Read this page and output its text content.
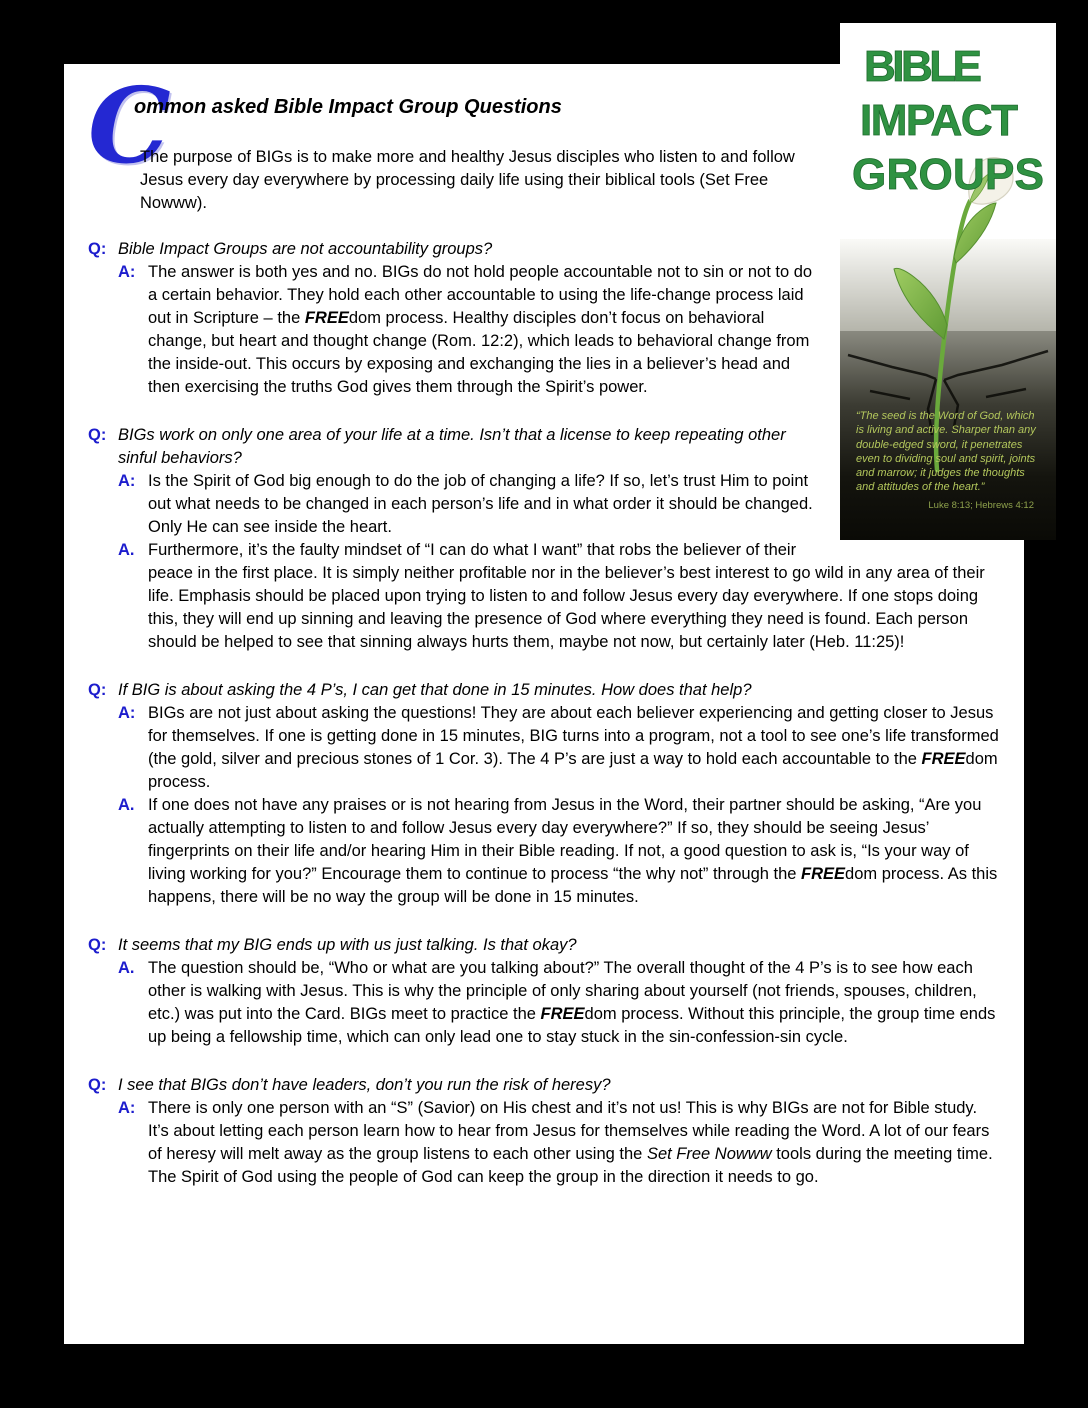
BIBLE
IMPACT
GROUPS
“The seed is the Word of God, which is living and active. Sharper than any double-edged sword, it penetrates even to dividing soul and spirit, joints and marrow; it judges the thoughts and attitudes of the heart.”
Luke 8:13; Hebrews 4:12
C
ommon asked Bible Impact Group Questions
The purpose of BIGs is to make more and healthy Jesus disciples who listen to and follow Jesus every day everywhere by processing daily life using their biblical tools (Set Free Nowww).
Q: Bible Impact Groups are not accountability groups?
A: The answer is both yes and no. BIGs do not hold people accountable not to sin or not to do a certain behavior. They hold each other accountable to using the life-change process laid out in Scripture – the FREEdom process. Healthy disciples don’t focus on behavioral change, but heart and thought change (Rom. 12:2), which leads to behavioral change from the inside-out. This occurs by exposing and exchanging the lies in a believer’s head and then exercising the truths God gives them through the Spirit’s power.
Q: BIGs work on only one area of your life at a time. Isn’t that a license to keep repeating other sinful behaviors?
A: Is the Spirit of God big enough to do the job of changing a life? If so, let’s trust Him to point out what needs to be changed in each person’s life and in what order it should be changed. Only He can see inside the heart.
A. Furthermore, it’s the faulty mindset of “I can do what I want” that robs the believer of their peace in the first place. It is simply neither profitable nor in the believer’s best interest to go wild in any area of their life. Emphasis should be placed upon trying to listen to and follow Jesus every day everywhere. If one stops doing this, they will end up sinning and leaving the presence of God where everything they need is found. Each person should be helped to see that sinning always hurts them, maybe not now, but certainly later (Heb. 11:25)!
Q: If BIG is about asking the 4 P’s, I can get that done in 15 minutes. How does that help?
A: BIGs are not just about asking the questions! They are about each believer experiencing and getting closer to Jesus for themselves. If one is getting done in 15 minutes, BIG turns into a program, not a tool to see one’s life transformed (the gold, silver and precious stones of 1 Cor. 3). The 4 P’s are just a way to hold each accountable to the FREEdom process.
A. If one does not have any praises or is not hearing from Jesus in the Word, their partner should be asking, “Are you actually attempting to listen to and follow Jesus every day everywhere?” If so, they should be seeing Jesus’ fingerprints on their life and/or hearing Him in their Bible reading. If not, a good question to ask is, “Is your way of living working for you?” Encourage them to continue to process “the why not” through the FREEdom process. As this happens, there will be no way the group will be done in 15 minutes.
Q: It seems that my BIG ends up with us just talking. Is that okay?
A. The question should be, “Who or what are you talking about?” The overall thought of the 4 P’s is to see how each other is walking with Jesus. This is why the principle of only sharing about yourself (not friends, spouses, children, etc.) was put into the Card. BIGs meet to practice the FREEdom process. Without this principle, the group time ends up being a fellowship time, which can only lead one to stay stuck in the sin-confession-sin cycle.
Q: I see that BIGs don’t have leaders, don’t you run the risk of heresy?
A: There is only one person with an “S” (Savior) on His chest and it’s not us! This is why BIGs are not for Bible study. It’s about letting each person learn how to hear from Jesus for themselves while reading the Word. A lot of our fears of heresy will melt away as the group listens to each other using the Set Free Nowww tools during the meeting time. The Spirit of God using the people of God can keep the group in the direction it needs to go.
